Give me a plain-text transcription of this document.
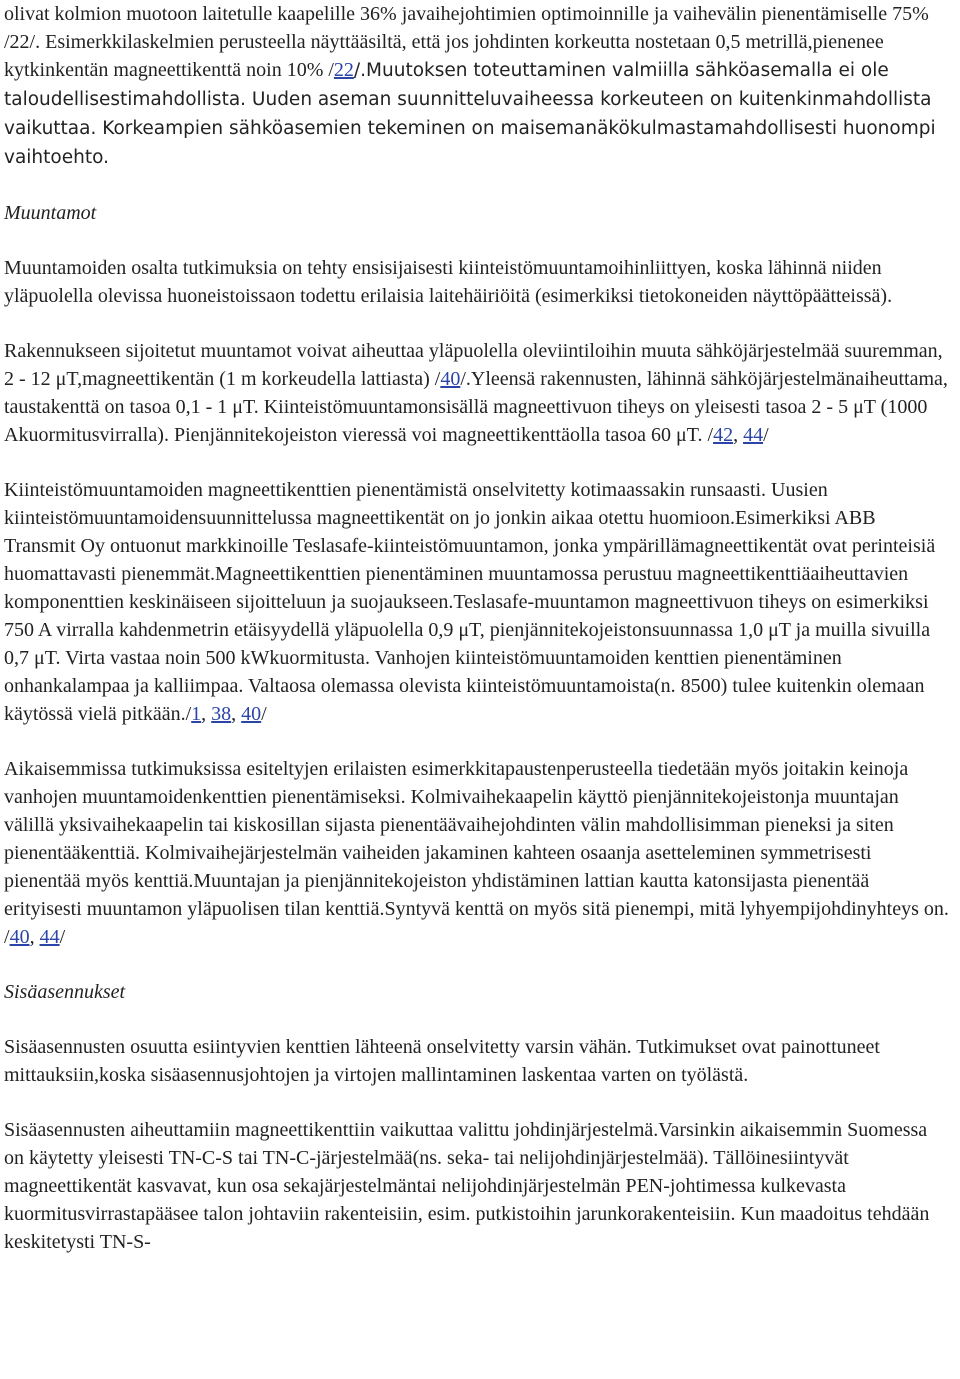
olivat kolmion muotoon laitetulle kaapelille 36% javaihejohtimien optimoinnille ja vaihevälin pienentämiselle 75% /22/. Esimerkkilaskelmien perusteella näyttääsiltä, että jos johdinten korkeutta nostetaan 0,5 metrillä,pienenee kytkinkentän magneettikenttä noin 10% /22/.Muutoksen toteuttaminen valmiilla sähköasemalla ei ole taloudellisestimahdollista. Uuden aseman suunnitteluvaiheessa korkeuteen on kuitenkinmahdollista vaikuttaa. Korkeampien sähköasemien tekeminen on maisemanäkökulmastamahdollisesti huonompi vaihtoehto.

Muuntamot

Muuntamoiden osalta tutkimuksia on tehty ensisijaisesti kiinteistömuuntamoihinliittyen, koska lähinnä niiden yläpuolella olevissa huoneistoissaon todettu erilaisia laitehäiriöitä (esimerkiksi tietokoneiden näyttöpäätteissä).

Rakennukseen sijoitetut muuntamot voivat aiheuttaa yläpuolella oleviintiloihin muuta sähköjärjestelmää suuremman, 2 - 12 μT,magneettikentän (1 m korkeudella lattiasta) /40/.Yleensä rakennusten, lähinnä sähköjärjestelmänaiheuttama, taustakenttä on tasoa 0,1 - 1 μT. Kiinteistömuuntamonsisällä magneettivuon tiheys on yleisesti tasoa 2 - 5 μT (1000 Akuormitusvirralla). Pienjännitekojeiston vieressä voi magneettikenttäolla tasoa 60 μT. /42, 44/

Kiinteistömuuntamoiden magneettikenttien pienentämistä onselvitetty kotimaassakin runsaasti. Uusien kiinteistömuuntamoidensuunnittelussa magneettikentät on jo jonkin aikaa otettu huomioon.Esimerkiksi ABB Transmit Oy ontuonut markkinoille Teslasafe-kiinteistömuuntamon, jonka ympärillämagneettikentät ovat perinteisiä huomattavasti pienemmät.Magneettikenttien pienentäminen muuntamossa perustuu magneettikenttiäaiheuttavien komponenttien keskinäiseen sijoitteluun ja suojaukseen.Teslasafe-muuntamon magneettivuon tiheys on esimerkiksi 750 A virralla kahdenmetrin etäisyydellä yläpuolella 0,9 μT, pienjännitekojeistonsuunnassa 1,0 μT ja muilla sivuilla 0,7 μT. Virta vastaa noin 500 kWkuormitusta. Vanhojen kiinteistömuuntamoiden kenttien pienentäminen onhankalampaa ja kalliimpaa. Valtaosa olemassa olevista kiinteistömuuntamoista(n. 8500) tulee kuitenkin olemaan käytössä vielä pitkään./1, 38, 40/

Aikaisemmissa tutkimuksissa esiteltyjen erilaisten esimerkkitapaustenperusteella tiedetään myös joitakin keinoja vanhojen muuntamoidenkenttien pienentämiseksi. Kolmivaihekaapelin käyttö pienjännitekojeistonja muuntajan välillä yksivaihekaapelin tai kiskosillan sijasta pienentäävaihejohdinten välin mahdollisimman pieneksi ja siten pienentääkenttiä. Kolmivaihejärjestelmän vaiheiden jakaminen kahteen osaanja asetteleminen symmetrisesti pienentää myös kenttiä.Muuntajan ja pienjännitekojeiston yhdistäminen lattian kautta katonsijasta pienentää erityisesti muuntamon yläpuolisen tilan kenttiä.Syntyvä kenttä on myös sitä pienempi, mitä lyhyempijohdinyhteys on. /40, 44/

Sisäasennukset

Sisäasennusten osuutta esiintyvien kenttien lähteenä onselvitetty varsin vähän. Tutkimukset ovat painottuneet mittauksiin,koska sisäasennusjohtojen ja virtojen mallintaminen laskentaa varten on työlästä.

Sisäasennusten aiheuttamiin magneettikenttiin vaikuttaa valittu johdinjärjestelmä.Varsinkin aikaisemmin Suomessa on käytetty yleisesti TN-C-S tai TN-C-järjestelmää(ns. seka- tai nelijohdinjärjestelmää). Tällöinesiintyvät magneettikentät kasvavat, kun osa sekajärjestelmäntai nelijohdinjärjestelmän PEN-johtimessa kulkevasta kuormitusvirrastapääsee talon johtaviin rakenteisiin, esim. putkistoihin jarunkorakenteisiin. Kun maadoitus tehdään keskitetysti TN-S-
